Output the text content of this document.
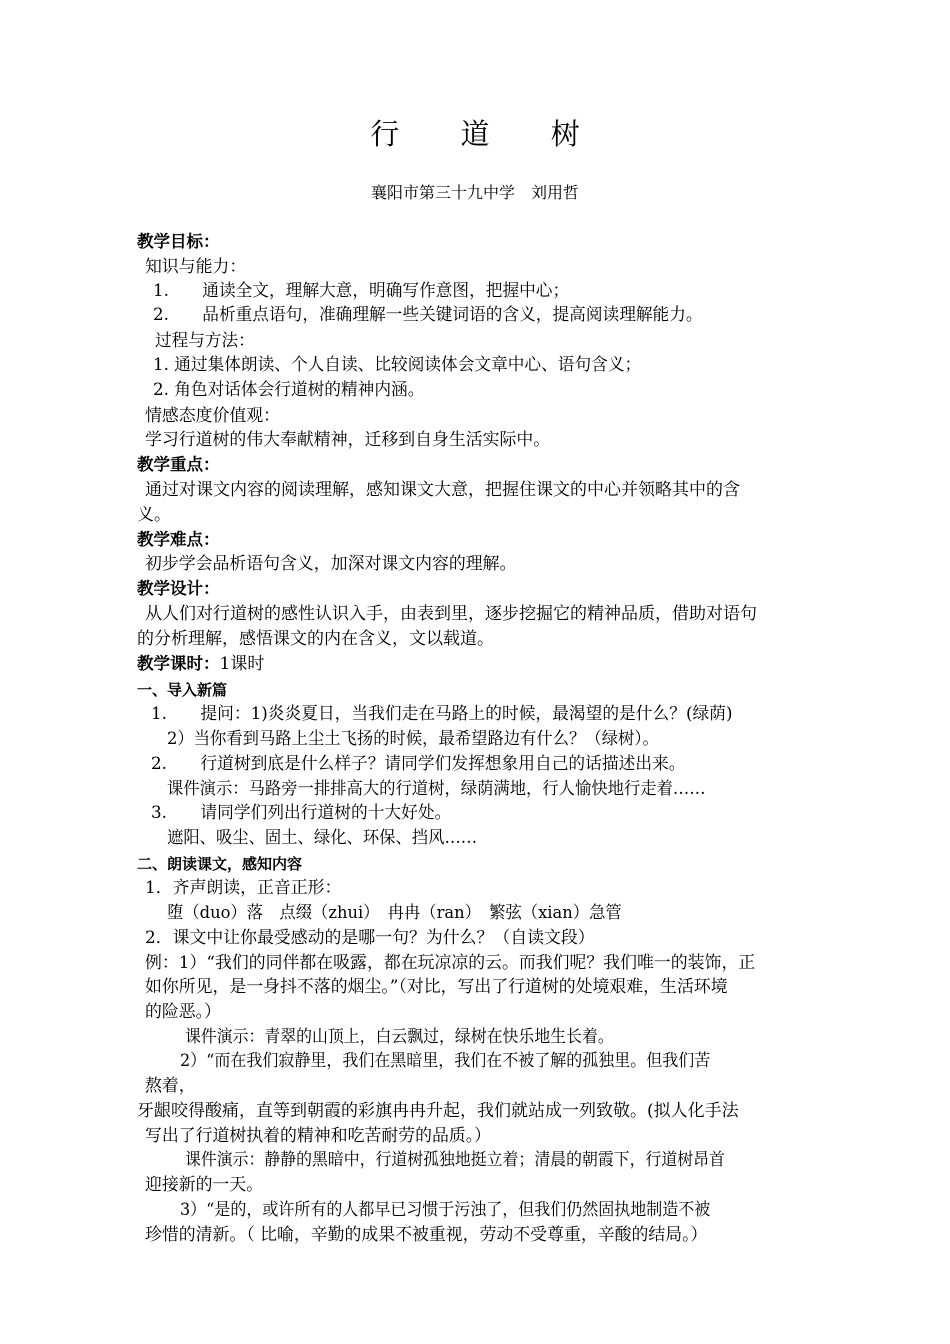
行 道 树
襄阳市第三十九中学　刘用哲
教学目标：
知识与能力：
1.　　通读全文，理解大意，明确写作意图，把握中心；
2.　　品析重点语句，准确理解一些关键词语的含义，提高阅读理解能力。
过程与方法：
1. 通过集体朗读、个人自读、比较阅读体会文章中心、语句含义；
2. 角色对话体会行道树的精神内涵。
情感态度价值观：
学习行道树的伟大奉献精神，迁移到自身生活实际中。
教学重点：
通过对课文内容的阅读理解，感知课文大意，把握住课文的中心并领略其中的含
义。
教学难点：
初步学会品析语句含义，加深对课文内容的理解。
教学设计：
从人们对行道树的感性认识入手，由表到里，逐步挖掘它的精神品质，借助对语句
的分析理解，感悟课文的内在含义，文以载道。
教学课时：1课时
一、导入新篇
1.　　提问：1)炎炎夏日，当我们走在马路上的时候，最渴望的是什么？(绿荫)
2）当你看到马路上尘土飞扬的时候，最希望路边有什么？（绿树）。
2.　　行道树到底是什么样子？请同学们发挥想象用自己的话描述出来。
课件演示：马路旁一排排高大的行道树，绿荫满地，行人愉快地行走着……
3.　　请同学们列出行道树的十大好处。
遮阳、吸尘、固土、绿化、环保、挡风……
二、朗读课文，感知内容
1．齐声朗读，正音正形：
堕（duo）落　点缀（zhui）　冉冉（ran）　繁弦（xian）急管
2．课文中让你最受感动的是哪一句？为什么？（自读文段）
例：1）“我们的同伴都在吸露，都在玩凉凉的云。而我们呢？我们唯一的装饰，正
如你所见，是一身抖不落的烟尘。”（对比，写出了行道树的处境艰难，生活环境
的险恶。）
课件演示：青翠的山顶上，白云飘过，绿树在快乐地生长着。
2）“而在我们寂静里，我们在黑暗里，我们在不被了解的孤独里。但我们苦
熬着，
牙龈咬得酸痛，直等到朝霞的彩旗冉冉升起，我们就站成一列致敬。(拟人化手法
写出了行道树执着的精神和吃苦耐劳的品质。）
课件演示：静静的黑暗中，行道树孤独地挺立着；清晨的朝霞下，行道树昂首
迎接新的一天。
3）“是的，或许所有的人都早已习惯于污浊了，但我们仍然固执地制造不被
珍惜的清新。（ 比喻，辛勤的成果不被重视，劳动不受尊重，辛酸的结局。）
